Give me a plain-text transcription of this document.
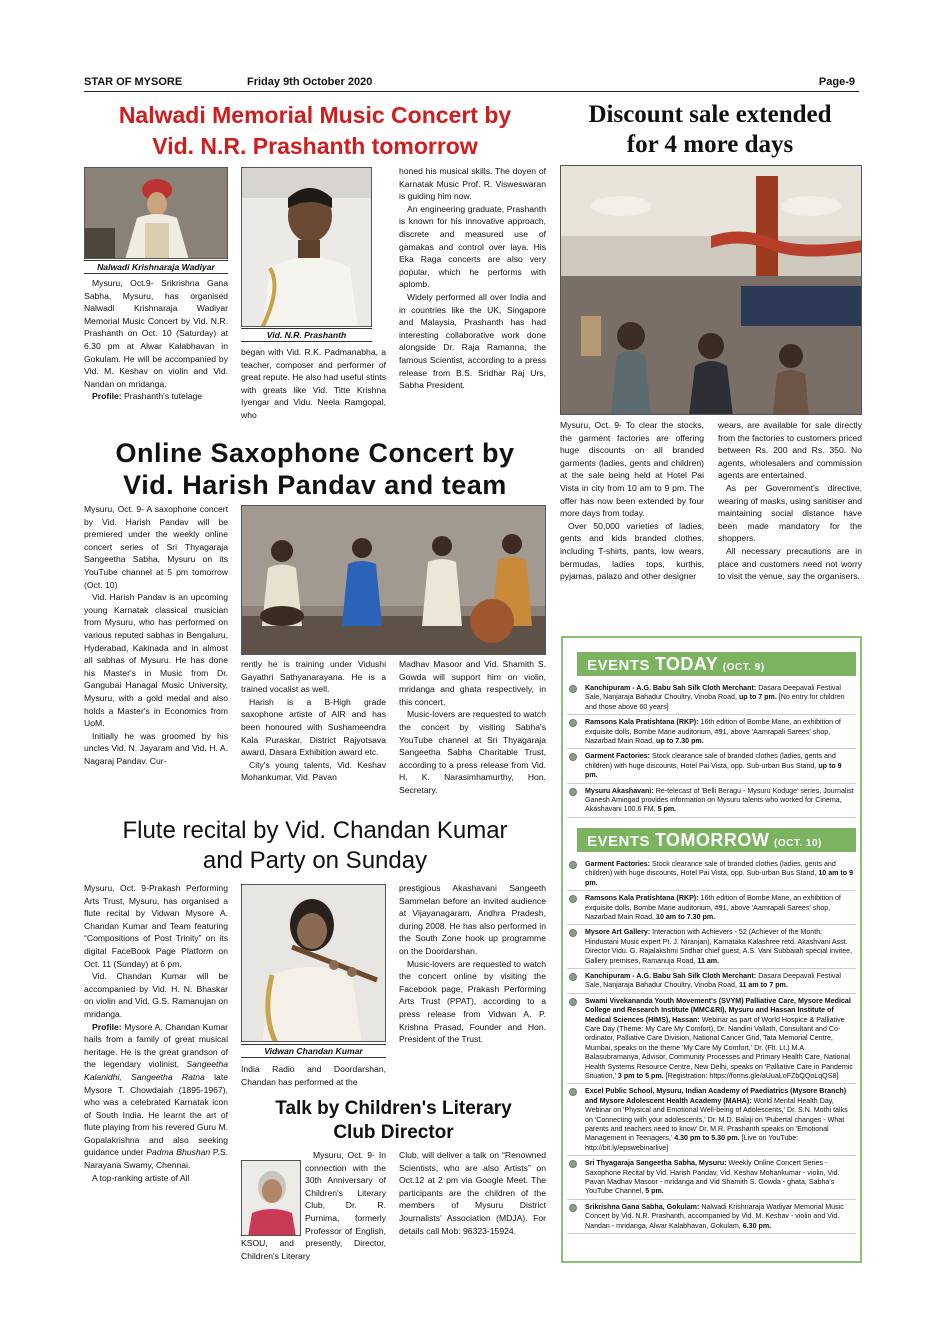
STAR OF MYSORE	Friday 9th October 2020	Page-9
Nalwadi Memorial Music Concert by
Vid. N.R. Prashanth tomorrow
Nalwadi Krishnaraja Wadiyar
Vid. N.R. Prashanth

Mysuru, Oct.9- Srikrishna Gana Sabha, Mysuru, has organised Nalwadi Krishnaraja Wadiyar Memorial Music Concert by Vid. N.R. Prashanth on Oct. 10 (Saturday) at 6.30 pm at Alwar Kalabhavan in Gokulam. He will be accompanied by Vid. M. Keshav on violin and Vid. Nandan on mridanga.

Profile: Prashanth's tutelage

began with Vid. R.K. Padmanabha, a teacher, composer and performer of great repute. He also had useful stints with greats like Vid. Titte Krishna Iyengar and Vidu. Neela Ramgopal, who

honed his musical skills. The doyen of Karnatak Music Prof. R. Visweswaran is guiding him now.

An engineering graduate, Prashanth is known for his innovative approach, discrete and measured use of gamakas and control over laya. His Eka Raga concerts are also very popular, which he performs with aplomb.

Widely performed all over India and in countries like the UK, Singapore and Malaysia, Prashanth has had interesting collaborative work done alongside Dr. Raja Ramanna, the famous Scientist, according to a press release from B.S. Sridhar Raj Urs, Sabha President.

Discount sale extended
for 4 more days

Mysuru, Oct. 9- To clear the stocks, the garment factories are offering huge discounts on all branded garments (ladies, gents and children) at the sale being held at Hotel Pai Vista in city from 10 am to 9 pm. The offer has now been extended by four more days from today.

Over 50,000 varieties of ladies, gents and kids branded clothes, including T-shirts, pants, low wears, bermudas, ladies tops, kurthis, pyjamas, palazo and other designer

wears, are available for sale directly from the factories to customers priced between Rs. 200 and Rs. 350. No agents, wholesalers and commission agents are entertained.

As per Government's directive, wearing of masks, using sanitiser and maintaining social distance have been made mandatory for the shoppers.

All necessary precautions are in place and customers need not worry to visit the venue, say the organisers.

Online Saxophone Concert by
Vid. Harish Pandav and team

Mysuru, Oct. 9- A saxophone concert by Vid. Harish Pandav will be premiered under the weekly online concert series of Sri Thyagaraja Sangeetha Sabha, Mysuru on its YouTube channel at 5 pm tomorrow (Oct. 10)

Vid. Harish Pandav is an upcoming young Karnatak classical musician from Mysuru, who has performed on various reputed sabhas in Bengaluru, Hyderabad, Kakinada and in almost all sabhas of Mysuru. He has done his Master's in Music from Dr. Gangubai Hanagal Music University, Mysuru, with a gold medal and also holds a Master's in Economics from UoM.

Initially he was groomed by his uncles Vid. N. Jayaram and Vid. H. A. Nagaraj Pandav. Cur-

rently he is training under Vidushi Gayathri Sathyanarayana. He is a trained vocalist as well.

Harish is a B-High grade saxophone artiste of AIR and has been honoured with Sushameendra Kala Puraskar, District Rajyotsava award, Dasara Exhibition award etc.

City's young talents, Vid. Keshav Mohankumar, Vid. Pavan

Madhav Masoor and Vid. Shamith S. Gowda will support him on violin, mridanga and ghata respectively, in this concert.

Music-lovers are requested to watch the concert by visiting Sabha's YouTube channel at Sri Thyagaraja Sangeetha Sabha Charitable Trust, according to a press release from Vid. H. K. Narasimhamurthy, Hon. Secretary.

Flute recital by Vid. Chandan Kumar
and Party on Sunday
Vidwan Chandan Kumar

Mysuru, Oct. 9-Prakash Performing Arts Trust, Mysuru, has organised a flute recital by Vidwan Mysore A. Chandan Kumar and Team featuring “Compositions of Post Trinity” on its digital FaceBook Page Platform on Oct. 11 (Sunday) at 6 pm.

Vid. Chandan Kumar will be accompanied by Vid. H. N. Bhaskar on violin and Vid. G.S. Ramanujan on mridanga.

Profile: Mysore A. Chandan Kumar hails from a family of great musical heritage. He is the great grandson of the legendary violinist, Sangeetha Kalanidhi, Sangeetha Ratna late Mysore T. Chowdaiah (1895-1967), who was a celebrated Karnatak icon of South India. He learnt the art of flute playing from his revered Guru M. Gopalakrishna and also seeking guidance under Padma Bhushan P.S. Narayana Swamy, Chennai.

A top-ranking artiste of All

India Radio and Doordarshan, Chandan has performed at the

prestigious Akashavani Sangeeth Sammelan before an invited audience at Vijayanagaram, Andhra Pradesh, during 2008. He has also performed in the South Zone hook up programme on the Doordarshan.

Music-lovers are requested to watch the concert online by visiting the Facebook page, Prakash Performing Arts Trust (PPAT), according to a press release from Vidwan A. P. Krishna Prasad, Founder and Hon. President of the Trust.

Talk by Children's Literary
Club Director

Mysuru, Oct. 9- In connection with the 30th Anniversary of Children's Literary Club, Dr. R. Purnima, formerly Professor of English, KSOU, and presently, Director, Children's Literary

Club, will deliver a talk on “Renowned Scientists, who are also Artists” on Oct.12 at 2 pm via Google Meet. The participants are the children of the members of Mysuru District Journalists' Association (MDJA). For details call Mob: 96323-15924.

EVENTS TODAY (OCT. 9)
Kanchipuram - A.G. Babu Sah Silk Cloth Merchant: Dasara Deepavali Festival Sale, Nanjaraja Bahadur Choultry, Vinoba Road, up to 7 pm. [No entry for children and those above 60 years]
Ramsons Kala Pratishtana (RKP): 16th edition of Bombe Mane, an exhibition of exquisite dolls, Bombe Mane auditorium, #91, above 'Aamrapali Sarees' shop, Nazarbad Main Road, up to 7.30 pm.
Garment Factories: Stock clearance sale of branded clothes (ladies, gents and children) with huge discounts, Hotel Pai Vista, opp. Sub-urban Bus Stand, up to 9 pm.
Mysuru Akashavani: Re-telecast of 'Belli Beragu - Mysuru Koduge' series, Journalist Ganesh Amingad provides information on Mysuru talents who worked for Cinema, Akashavani 100.6 FM, 5 pm.
EVENTS TOMORROW (OCT. 10)
Garment Factories: Stock clearance sale of branded clothes (ladies, gents and children) with huge discounts, Hotel Pai Vista, opp. Sub-urban Bus Stand, 10 am to 9 pm.
Ramsons Kala Pratishtana (RKP): 16th edition of Bombe Mane, an exhibition of exquisite dolls, Bombe Mane auditorium, #91, above 'Aamrapali Sarees' shop, Nazarbad Main Road, 10 am to 7.30 pm.
Mysore Art Gallery: Interaction with Achievers - 52 (Achiever of the Month: Hindustani Music expert Pt. J. Niranjan), Karnataka Kalashree retd. Akashvani Asst. Director Vidu. G. Rajalakshmi Sridhar chief guest, A.S. Vani Subbaiah special invitee, Gallery premises, Ramanuja Road, 11 am.
Kanchipuram - A.G. Babu Sah Silk Cloth Merchant: Dasara Deepavali Festival Sale, Nanjaraja Bahadur Choultry, Vinoba Road, 11 am to 7 pm.
Swami Vivekananda Youth Movement's (SVYM) Palliative Care, Mysore Medical College and Research Institute (MMC&RI), Mysuru and Hassan Institute of Medical Sciences (HIMS), Hassan: Webinar as part of World Hospice & Palliative Care Day (Theme: My Care My Comfort), Dr. Nandini Vallath, Consultant and Co-ordinator, Palliative Care Division, National Cancer Grid, Tata Memorial Centre, Mumbai, speaks on the theme 'My Care My Comfort,' Dr. (Flt. Lt.) M.A. Balasubramanya, Advisor, Community Processes and Primary Health Care, National Health Systems Resource Centre, New Delhi, speaks on 'Palliative Care in Pandemic Situation,' 3 pm to 5 pm. [Registration: https://forms.gle/aUuaLoFZbQQoLqQS8]
Excel Public School, Mysuru, Indian Academy of Paediatrics (Mysore Branch) and Mysore Adolescent Health Academy (MAHA): World Mental Health Day, Webinar on 'Physical and Emotional Well-being of Adolescents,' Dr. S.N. Mothi talks on 'Connecting with your adolescents,' Dr. M.D. Balaji on 'Pubertal changes - What parents and teachers need to know' Dr. M.R. Prashanth speaks on 'Emotional Management in Teenagers,' 4.30 pm to 5.30 pm. [Live on YouTube: http://bit.ly/epswebinarlive]
Sri Thyagaraja Sangeetha Sabha, Mysuru: Weekly Online Concert Series - Saxophone Recital by Vid. Harish Pandav, Vid. Keshav Mohankumar - violin, Vid. Pavan Madhav Masoor - mridanga and Vid Shamith S. Gowda - ghata, Sabha's YouTube Channel, 5 pm.
Srikrishna Gana Sabha, Gokulam: Nalwadi Krishnaraja Wadiyar Memorial Music Concert by Vid. N.R. Prashanth, accompanied by Vid. M. Keshav - violin and Vid. Nandan - mridanga, Alwar Kalabhavan, Gokulam, 6.30 pm.
